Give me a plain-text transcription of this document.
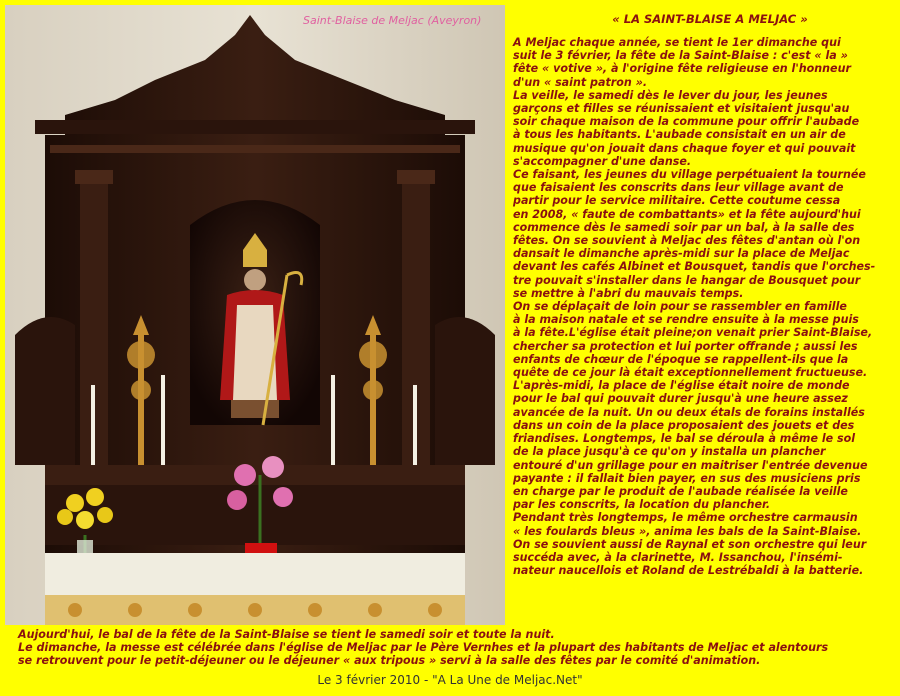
Saint-Blaise de Meljac (Aveyron)	« LA SAINT-BLAISE A MELJAC »

A Meljac chaque année, se tient le 1er dimanche qui

suit le 3 février, la fête de la Saint-Blaise : c'est « la »

fête « votive », à l'origine fête religieuse en l'honneur

d'un « saint patron ».

La veille, le samedi dès le lever du jour, les jeunes

garçons et filles se réunissaient et visitaient jusqu'au

soir chaque maison de la commune pour offrir l'aubade

à tous les habitants. L'aubade consistait en un air de

musique qu'on jouait dans chaque foyer et qui pouvait

s'accompagner d'une danse.

Ce faisant, les jeunes du village perpétuaient la tournée

que faisaient les conscrits dans leur village avant de

partir pour le service militaire. Cette coutume cessa

en 2008, « faute de combattants» et la fête aujourd'hui

commence dès le samedi soir par un bal, à la salle des

fêtes. On se souvient à Meljac des fêtes d'antan où l'on

dansait le dimanche après-midi sur la place de Meljac

devant les cafés Albinet et Bousquet, tandis que l'orches-

tre pouvait s'installer dans le hangar de Bousquet pour

se mettre à l'abri du mauvais temps.

On se déplaçait de loin pour se rassembler en famille

à la maison natale et se rendre ensuite à la messe puis

à la fête.L'église était pleine;on venait prier Saint-Blaise,

chercher sa protection et lui porter offrande ; aussi les

enfants de chœur de l'époque se rappellent-ils que la

quête de ce jour là était exceptionnellement fructueuse.

L'après-midi, la place de l'église était noire de monde

pour le bal qui pouvait durer jusqu'à une heure assez

avancée de la nuit. Un ou deux étals de forains installés

dans un coin de la place proposaient des jouets et des

friandises. Longtemps, le bal se déroula à même le sol

de la place jusqu'à ce qu'on y installa un plancher

entouré d'un grillage pour en maitriser l'entrée devenue

payante : il fallait bien payer, en sus des musiciens pris

en charge par le produit de l'aubade réalisée la veille

par les conscrits, la location du plancher.

Pendant très longtemps, le même orchestre carmausin

« les foulards bleus », anima les bals de la Saint-Blaise.

On se souvient aussi de Raynal et son orchestre qui leur

succéda avec, à la clarinette, M. Issanchou, l'insémi-

nateur naucellois et Roland de Lestrébaldi à la batterie.

Aujourd'hui, le bal de la fête de la Saint-Blaise se tient le samedi soir et toute la nuit.

Le dimanche, la messe est célébrée dans l'église de Meljac par le Père Vernhes et la plupart des habitants de Meljac et alentours

se retrouvent pour le petit-déjeuner ou le déjeuner « aux tripous » servi à la salle des fêtes par le comité d'animation.

Le 3 février 2010 - "A La Une de Meljac.Net"
